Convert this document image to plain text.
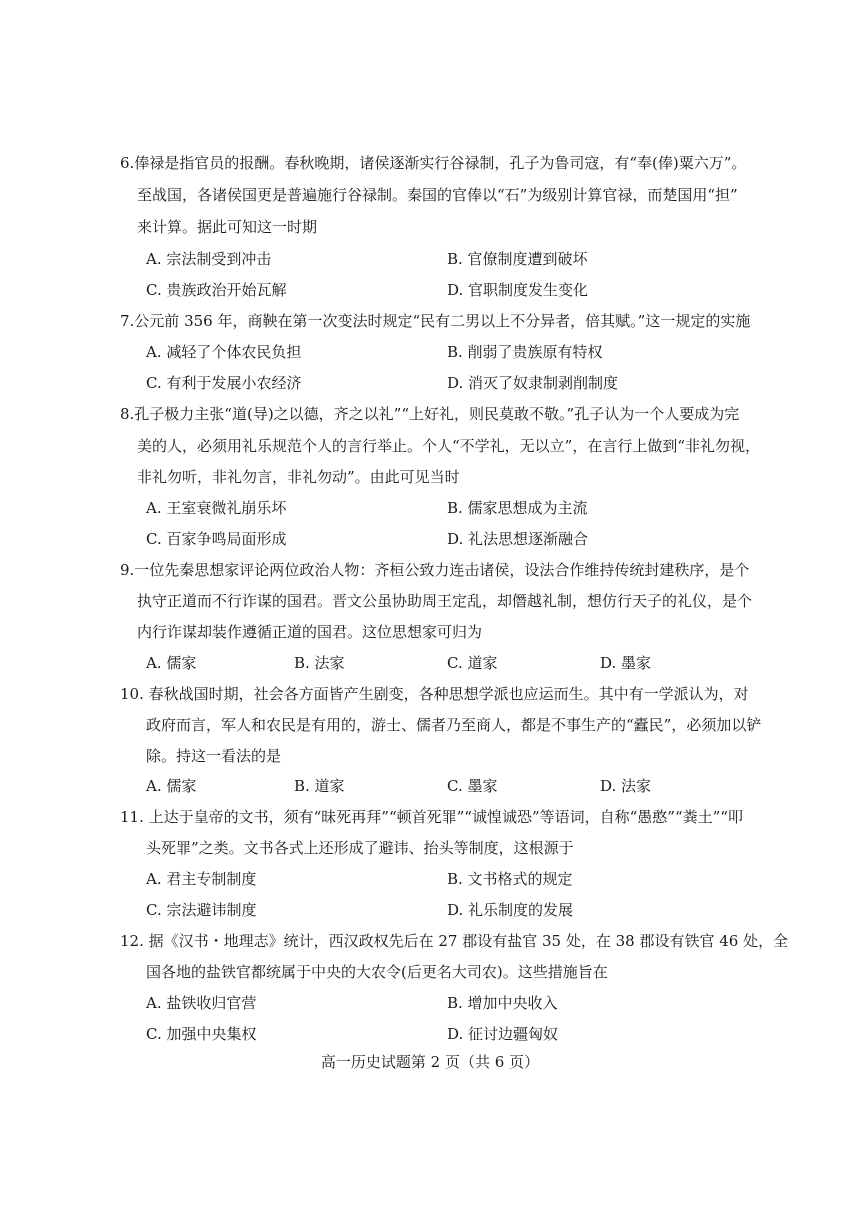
6.俸禄是指官员的报酬。春秋晚期，诸侯逐渐实行谷禄制，孔子为鲁司寇，有“奉(俸)粟六万”。
至战国，各诸侯国更是普遍施行谷禄制。秦国的官俸以“石”为级别计算官禄，而楚国用“担”
来计算。据此可知这一时期
A. 宗法制受到冲击	B. 官僚制度遭到破坏
C. 贵族政治开始瓦解	D. 官职制度发生变化
7.公元前 356 年，商鞅在第一次变法时规定“民有二男以上不分异者，倍其赋。”这一规定的实施
A. 减轻了个体农民负担	B. 削弱了贵族原有特权
C. 有利于发展小农经济	D. 消灭了奴隶制剥削制度
8.孔子极力主张“道(导)之以德，齐之以礼”“上好礼，则民莫敢不敬。”孔子认为一个人要成为完
美的人，必须用礼乐规范个人的言行举止。个人“不学礼，无以立”，在言行上做到“非礼勿视，
非礼勿听，非礼勿言，非礼勿动”。由此可见当时
A. 王室衰微礼崩乐坏	B. 儒家思想成为主流
C. 百家争鸣局面形成	D. 礼法思想逐渐融合
9.一位先秦思想家评论两位政治人物：齐桓公致力连击诸侯，设法合作维持传统封建秩序，是个
执守正道而不行诈谋的国君。晋文公虽协助周王定乱，却僭越礼制，想仿行天子的礼仪，是个
内行诈谋却装作遵循正道的国君。这位思想家可归为
A. 儒家	B. 法家	C. 道家	D. 墨家
10. 春秋战国时期，社会各方面皆产生剧变，各种思想学派也应运而生。其中有一学派认为，对
政府而言，军人和农民是有用的，游士、儒者乃至商人，都是不事生产的“蠹民”，必须加以铲
除。持这一看法的是
A. 儒家	B. 道家	C. 墨家	D. 法家
11. 上达于皇帝的文书，须有“昧死再拜”“顿首死罪”“诚惶诚恐”等语词，自称“愚憨”“粪土”“叩
头死罪”之类。文书各式上还形成了避讳、抬头等制度，这根源于
A. 君主专制制度	B. 文书格式的规定
C. 宗法避讳制度	D. 礼乐制度的发展
12. 据《汉书・地理志》统计，西汉政权先后在 27 郡设有盐官 35 处，在 38 郡设有铁官 46 处，全
国各地的盐铁官都统属于中央的大农令(后更名大司农)。这些措施旨在
A. 盐铁收归官营	B. 增加中央收入
C. 加强中央集权	D. 征讨边疆匈奴
高一历史试题第 2 页（共 6 页）
